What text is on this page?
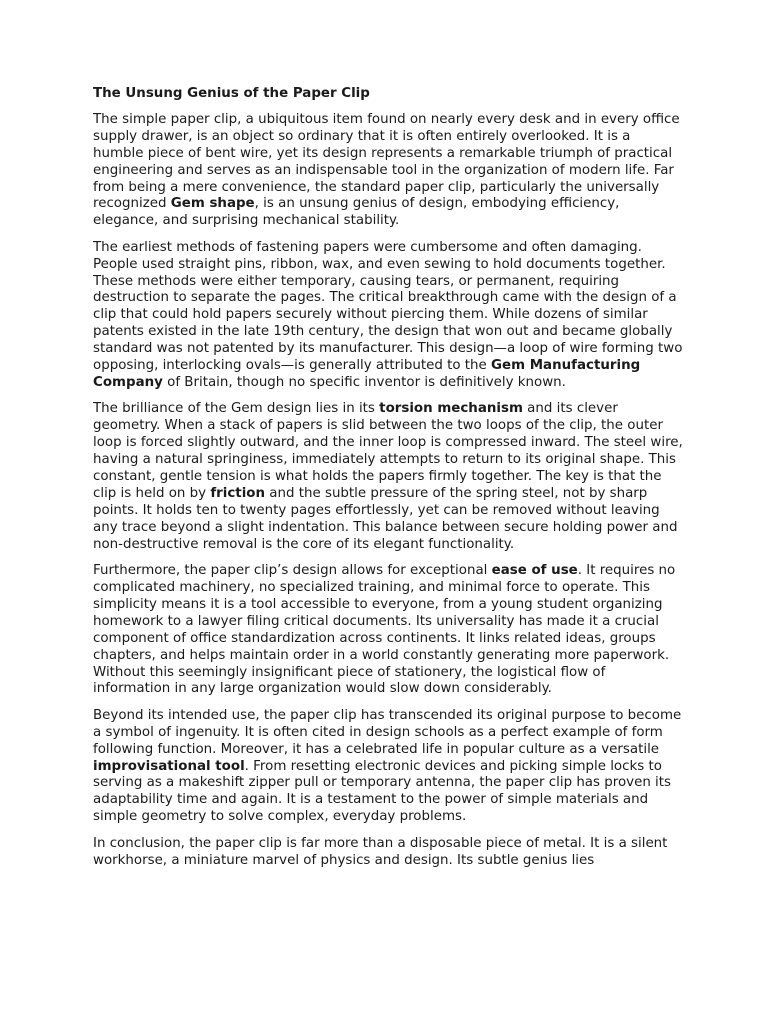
The Unsung Genius of the Paper Clip

The simple paper clip, a ubiquitous item found on nearly every desk and in every office supply drawer, is an object so ordinary that it is often entirely overlooked. It is a humble piece of bent wire, yet its design represents a remarkable triumph of practical engineering and serves as an indispensable tool in the organization of modern life. Far from being a mere convenience, the standard paper clip, particularly the universally recognized Gem shape, is an unsung genius of design, embodying efficiency, elegance, and surprising mechanical stability.

The earliest methods of fastening papers were cumbersome and often damaging. People used straight pins, ribbon, wax, and even sewing to hold documents together. These methods were either temporary, causing tears, or permanent, requiring destruction to separate the pages. The critical breakthrough came with the design of a clip that could hold papers securely without piercing them. While dozens of similar patents existed in the late 19th century, the design that won out and became globally standard was not patented by its manufacturer. This design—a loop of wire forming two opposing, interlocking ovals—is generally attributed to the Gem Manufacturing Company of Britain, though no specific inventor is definitively known.

The brilliance of the Gem design lies in its torsion mechanism and its clever geometry. When a stack of papers is slid between the two loops of the clip, the outer loop is forced slightly outward, and the inner loop is compressed inward. The steel wire, having a natural springiness, immediately attempts to return to its original shape. This constant, gentle tension is what holds the papers firmly together. The key is that the clip is held on by friction and the subtle pressure of the spring steel, not by sharp points. It holds ten to twenty pages effortlessly, yet can be removed without leaving any trace beyond a slight indentation. This balance between secure holding power and non-destructive removal is the core of its elegant functionality.

Furthermore, the paper clip’s design allows for exceptional ease of use. It requires no complicated machinery, no specialized training, and minimal force to operate. This simplicity means it is a tool accessible to everyone, from a young student organizing homework to a lawyer filing critical documents. Its universality has made it a crucial component of office standardization across continents. It links related ideas, groups chapters, and helps maintain order in a world constantly generating more paperwork. Without this seemingly insignificant piece of stationery, the logistical flow of information in any large organization would slow down considerably.

Beyond its intended use, the paper clip has transcended its original purpose to become a symbol of ingenuity. It is often cited in design schools as a perfect example of form following function. Moreover, it has a celebrated life in popular culture as a versatile improvisational tool. From resetting electronic devices and picking simple locks to serving as a makeshift zipper pull or temporary antenna, the paper clip has proven its adaptability time and again. It is a testament to the power of simple materials and simple geometry to solve complex, everyday problems.

In conclusion, the paper clip is far more than a disposable piece of metal. It is a silent workhorse, a miniature marvel of physics and design. Its subtle genius lies
